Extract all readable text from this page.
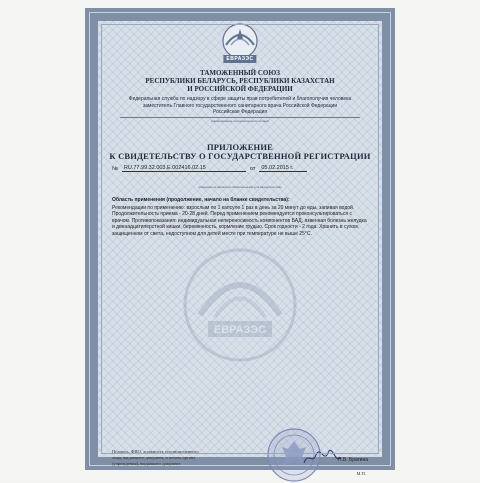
ЕВРАЗЭС
ТАМОЖЕННЫЙ СОЮЗ
РЕСПУБЛИКИ БЕЛАРУСЬ, РЕСПУБЛИКИ КАЗАХСТАН
И РОССИЙСКОЙ ФЕДЕРАЦИИ
Федеральная служба по надзору в сфере защиты прав потребителей и благополучия человека
заместитель Главного государственного санитарного врача Российской Федерации
Российская Федерация
(наименование уполномоченного органа)
ПРИЛОЖЕНИЕ
К СВИДЕТЕЛЬСТВУ О ГОСУДАРСТВЕННОЙ РЕГИСТРАЦИИ
№	RU.77.99.32.003.Е.002416.02.15	от	05.02.2015 г.
(сведения не являются обязательными для свидетельства)
Область применения (продолжение, начало на бланке свидетельства):
Рекомендации по применению: взрослым по 1 капсуле 1 раз в день за 20 минут до еды, запивая водой. Продолжительность приема - 20-28 дней. Перед применением рекомендуется проконсультироваться с врачом. Противопоказания: индивидуальная непереносимость компонентов БАД, язвенная болезнь желудка и двенадцатиперстной кишки, беременность, кормление грудью. Срок годности - 2 года. Хранить в сухом, защищенном от света, недоступном для детей месте при температуре не выше 25°С.
ЕВРАЗЭС
Подпись, ФИО, должность уполномоченного
лица, выдавшего документ, и печать органа
(учреждения), выдавшего документ
Н.В. Брагина
М.П.
